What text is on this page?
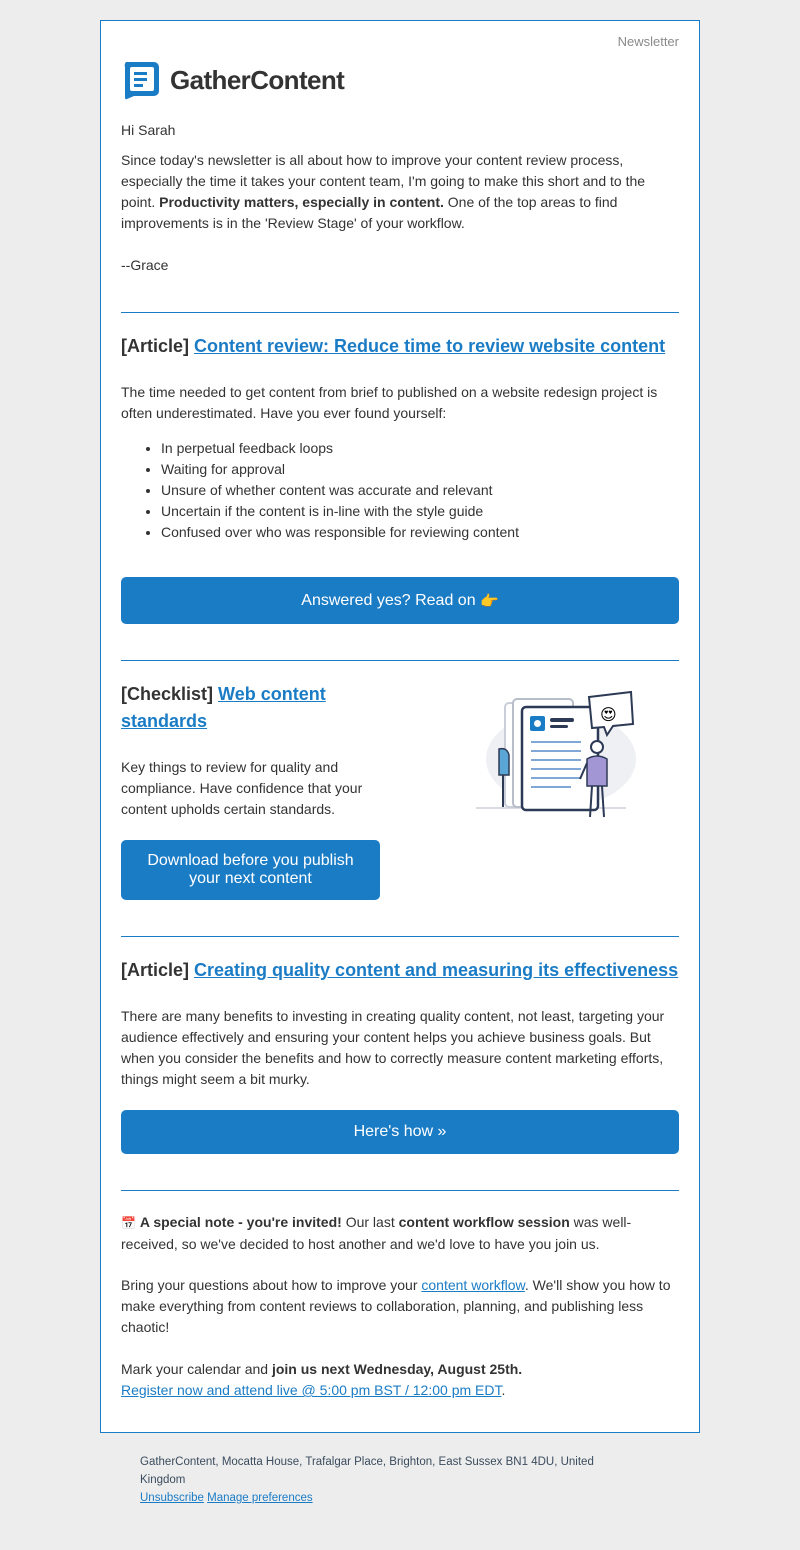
Newsletter
GatherContent
Hi Sarah
Since today's newsletter is all about how to improve your content review process, especially the time it takes your content team, I'm going to make this short and to the point. Productivity matters, especially in content. One of the top areas to find improvements is in the 'Review Stage' of your workflow.
--Grace
[Article] Content review: Reduce time to review website content
The time needed to get content from brief to published on a website redesign project is often underestimated. Have you ever found yourself:
• In perpetual feedback loops
• Waiting for approval
• Unsure of whether content was accurate and relevant
• Uncertain if the content is in-line with the style guide
• Confused over who was responsible for reviewing content
Answered yes? Read on
👉
[Checklist] Web content standards
Key things to review for quality and compliance. Have confidence that your content upholds certain standards.
Download before you publish your next content
😍
[Article] Creating quality content and measuring its effectiveness
There are many benefits to investing in creating quality content, not least, targeting your audience effectively and ensuring your content helps you achieve business goals. But when you consider the benefits and how to correctly measure content marketing efforts, things might seem a bit murky.
Here's how »
📅 A special note - you're invited! Our last content workflow session was well-received, so we've decided to host another and we'd love to have you join us.
Bring your questions about how to improve your content workflow. We'll show you how to make everything from content reviews to collaboration, planning, and publishing less chaotic!
Mark your calendar and join us next Wednesday, August 25th.
Register now and attend live @ 5:00 pm BST / 12:00 pm EDT.
GatherContent, Mocatta House, Trafalgar Place, Brighton, East Sussex BN1 4DU, United Kingdom
Unsubscribe Manage preferences
